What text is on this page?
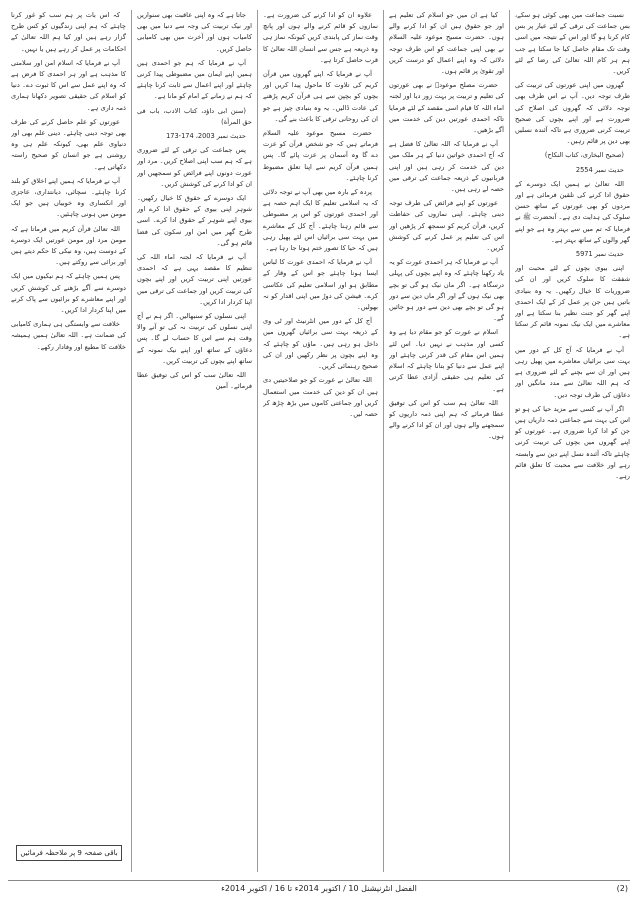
نسبت جماعت میں بھی کوئی ہو سکے، بس جماعت کی ترقی کے لئے عیار پر بس کام کرنا ہو گا اور اس کے نتیجہ میں اسی وقت تک مقام حاصل کیا جا سکتا ہے جب ہم ہر کام اللہ تعالیٰ کی رضا کے لئے کریں۔

گھروں میں اپنی عورتوں کی تربیت کی طرف توجہ دیں۔ آپ نے اس طرف بھی توجہ دلائی کہ گھروں کی اصلاح کی ضرورت ہے اور اپنے بچوں کی صحیح تربیت کرنی ضروری ہے تاکہ آئندہ نسلیں بھی دین پر قائم رہیں۔

(صحیح البخاری، کتاب النکاح)

حدیث نمبر 2554

اللہ تعالیٰ نے ہمیں ایک دوسرے کے حقوق ادا کرنے کی تلقین فرمائی ہے اور مردوں کو بھی عورتوں کے ساتھ حسن سلوک کی ہدایت دی ہے۔ آنحضرت ﷺ نے فرمایا کہ تم میں سے بہتر وہ ہے جو اپنے گھر والوں کے ساتھ بہتر ہے۔

حدیث نمبر 5971

اپنی بیوی بچوں کے لئے محبت اور شفقت کا سلوک کریں اور ان کی ضروریات کا خیال رکھیں۔ یہ وہ بنیادی باتیں ہیں جن پر عمل کر کے ایک احمدی اپنے گھر کو جنت نظیر بنا سکتا ہے اور معاشرے میں ایک نیک نمونہ قائم کر سکتا ہے۔

آپ نے فرمایا کہ آج کل کے دور میں بہت سی برائیاں معاشرے میں پھیل رہی ہیں اور ان سے بچنے کے لئے ضروری ہے کہ ہم اللہ تعالیٰ سے مدد مانگیں اور دعاؤں کی طرف توجہ دیں۔

اگر آپ نے کسی سے مزید حیا کی ہو تو اس کی بہت سے جماعتی ذمہ داریاں ہیں جن کو ادا کرنا ضروری ہے۔ عورتوں کو اپنے گھروں میں بچوں کی تربیت کرنی چاہئے تاکہ آئندہ نسل اپنے دین سے وابستہ رہے اور خلافت سے محبت کا تعلق قائم رہے۔

کیا ہے ان میں جو اسلام کی تعلیم ہے اور جو حقوق ہیں ان کو ادا کرنے والے ہوں۔ حضرت مسیح موعود علیہ السلام نے بھی اپنی جماعت کو اس طرف توجہ دلائی کہ وہ اپنے اعمال کو درست کریں اور تقویٰ پر قائم ہوں۔

حضرت مصلح موعودؓ نے بھی عورتوں کی تعلیم و تربیت پر بہت زور دیا اور لجنہ اماء اللہ کا قیام اسی مقصد کے لئے فرمایا تاکہ احمدی عورتیں دین کی خدمت میں آگے بڑھیں۔

آپ نے فرمایا کہ اللہ تعالیٰ کا فضل ہے کہ آج احمدی خواتین دنیا کے ہر ملک میں دین کی خدمت کر رہی ہیں اور اپنی قربانیوں کے ذریعہ جماعت کی ترقی میں حصہ لے رہی ہیں۔

عورتوں کو اپنے فرائض کی طرف توجہ دینی چاہئے۔ اپنی نمازوں کی حفاظت کریں، قرآن کریم کو سمجھ کر پڑھیں اور اس کی تعلیم پر عمل کرنے کی کوشش کریں۔

آپ نے فرمایا کہ ہر احمدی عورت کو یہ یاد رکھنا چاہئے کہ وہ اپنے بچوں کی پہلی درسگاہ ہے۔ اگر ماں نیک ہو گی تو بچے بھی نیک ہوں گے اور اگر ماں دین سے دور ہو گی تو بچے بھی دین سے دور ہو جائیں گے۔

اسلام نے عورت کو جو مقام دیا ہے وہ کسی اور مذہب نے نہیں دیا۔ اس لئے ہمیں اس مقام کی قدر کرنی چاہئے اور اپنے عمل سے دنیا کو بتانا چاہئے کہ اسلام کی تعلیم ہی حقیقی آزادی عطا کرتی ہے۔

اللہ تعالیٰ ہم سب کو اس کی توفیق عطا فرمائے کہ ہم اپنی ذمہ داریوں کو سمجھنے والے ہوں اور ان کو ادا کرنے والے ہوں۔

علاوہ ان کو ادا کرنے کی ضرورت ہے۔ نمازوں کو قائم کرنے والے ہوں اور پانچ وقت نماز کی پابندی کریں کیونکہ نماز ہی وہ ذریعہ ہے جس سے انسان اللہ تعالیٰ کا قرب حاصل کرتا ہے۔

آپ نے فرمایا کہ اپنے گھروں میں قرآن کریم کی تلاوت کا ماحول پیدا کریں اور بچوں کو بچپن سے ہی قرآن کریم پڑھنے کی عادت ڈالیں۔ یہ وہ بنیادی چیز ہے جو ان کی روحانی ترقی کا باعث بنے گی۔

حضرت مسیح موعود علیہ السلام فرماتے ہیں کہ جو شخص قرآن کو عزت دے گا وہ آسمان پر عزت پائے گا۔ پس ہمیں قرآن کریم سے اپنا تعلق مضبوط کرنا چاہئے۔

پردہ کے بارہ میں بھی آپ نے توجہ دلائی کہ یہ اسلامی تعلیم کا ایک اہم حصہ ہے اور احمدی عورتوں کو اس پر مضبوطی سے قائم رہنا چاہئے۔ آج کل کے معاشرے میں بہت سی برائیاں اس لئے پھیل رہی ہیں کہ حیا کا تصور ختم ہوتا جا رہا ہے۔

آپ نے فرمایا کہ احمدی عورت کا لباس ایسا ہونا چاہئے جو اس کے وقار کے مطابق ہو اور اسلامی تعلیم کی عکاسی کرے۔ فیشن کی دوڑ میں اپنی اقدار کو نہ بھولیں۔

آج کل کے دور میں انٹرنیٹ اور ٹی وی کے ذریعہ بہت سی برائیاں گھروں میں داخل ہو رہی ہیں۔ ماؤں کو چاہئے کہ وہ اپنے بچوں پر نظر رکھیں اور ان کی صحیح رہنمائی کریں۔

اللہ تعالیٰ نے عورت کو جو صلاحیتیں دی ہیں ان کو دین کی خدمت میں استعمال کریں اور جماعتی کاموں میں بڑھ چڑھ کر حصہ لیں۔

جاتا ہے کہ وہ اپنی عاقبت بھی سنواریں اور نیک تربیت کی وجہ سے دنیا میں بھی کامیاب ہوں اور آخرت میں بھی کامیابی حاصل کریں۔

آپ نے فرمایا کہ ہم جو احمدی ہیں ہمیں اپنے ایمان میں مضبوطی پیدا کرنی چاہئے اور اپنے اعمال سے ثابت کرنا چاہئے کہ ہم نے زمانے کے امام کو مانا ہے۔

(سنن ابی داؤد، کتاب الادب، باب فی حق المرأة)

حدیث نمبر 2003، 174-173

پس جماعت کی ترقی کے لئے ضروری ہے کہ ہم سب اپنی اصلاح کریں۔ مرد اور عورت دونوں اپنے فرائض کو سمجھیں اور ان کو ادا کرنے کی کوشش کریں۔

ایک دوسرے کے حقوق کا خیال رکھیں۔ شوہر اپنی بیوی کے حقوق ادا کرے اور بیوی اپنے شوہر کے حقوق ادا کرے۔ اسی طرح گھر میں امن اور سکون کی فضا قائم ہو گی۔

آپ نے فرمایا کہ لجنہ اماء اللہ کی تنظیم کا مقصد یہی ہے کہ احمدی عورتیں اپنی تربیت کریں اور اپنے بچوں کی تربیت کریں اور جماعت کی ترقی میں اپنا کردار ادا کریں۔

اپنی نسلوں کو سنبھالیں۔ اگر ہم نے آج اپنی نسلوں کی تربیت نہ کی تو آنے والا وقت ہم سے اس کا حساب لے گا۔ پس دعاؤں کے ساتھ اور اپنے نیک نمونہ کے ساتھ اپنے بچوں کی تربیت کریں۔

اللہ تعالیٰ سب کو اس کی توفیق عطا فرمائے۔ آمین

کہ اس بات پر ہم سب کو غور کرنا چاہئے کہ ہم اپنی زندگیوں کو کس طرح گزار رہے ہیں اور کیا ہم اللہ تعالیٰ کے احکامات پر عمل کر رہے ہیں یا نہیں۔

آپ نے فرمایا کہ اسلام امن اور سلامتی کا مذہب ہے اور ہر احمدی کا فرض ہے کہ وہ اپنے عمل سے اس کا ثبوت دے۔ دنیا کو اسلام کی حقیقی تصویر دکھانا ہماری ذمہ داری ہے۔

عورتوں کو علم حاصل کرنے کی طرف بھی توجہ دینی چاہئے۔ دینی علم بھی اور دنیاوی علم بھی، کیونکہ علم ہی وہ روشنی ہے جو انسان کو صحیح راستہ دکھاتی ہے۔

آپ نے فرمایا کہ ہمیں اپنے اخلاق کو بلند کرنا چاہئے۔ سچائی، دیانتداری، عاجزی اور انکساری وہ خوبیاں ہیں جو ایک مومن میں ہونی چاہئیں۔

اللہ تعالیٰ قرآن کریم میں فرماتا ہے کہ مومن مرد اور مومن عورتیں ایک دوسرے کے دوست ہیں، وہ نیکی کا حکم دیتے ہیں اور برائی سے روکتے ہیں۔

پس ہمیں چاہئے کہ ہم نیکیوں میں ایک دوسرے سے آگے بڑھنے کی کوشش کریں اور اپنے معاشرے کو برائیوں سے پاک کرنے میں اپنا کردار ادا کریں۔

خلافت سے وابستگی ہی ہماری کامیابی کی ضمانت ہے۔ اللہ تعالیٰ ہمیں ہمیشہ خلافت کا مطیع اور وفادار رکھے۔

باقی صفحہ 9 پر ملاحظہ فرمائیں
(2)
الفضل انٹرنیشنل 10 / اکتوبر 2014ء تا 16 / اکتوبر 2014ء
